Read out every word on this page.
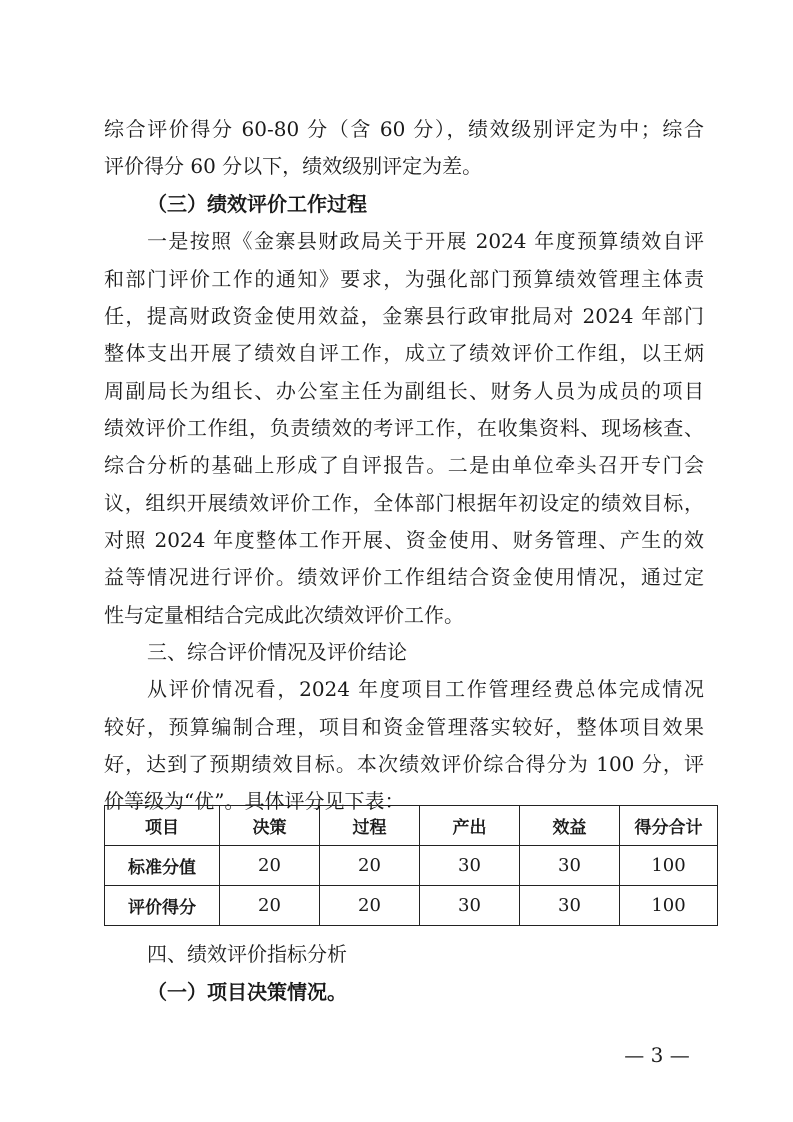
综合评价得分 60-80 分（含 60 分），绩效级别评定为中；综合
评价得分 60 分以下，绩效级别评定为差。
（三）绩效评价工作过程
一是按照《金寨县财政局关于开展 2024 年度预算绩效自评
和部门评价工作的通知》要求，为强化部门预算绩效管理主体责
任，提高财政资金使用效益，金寨县行政审批局对 2024 年部门
整体支出开展了绩效自评工作，成立了绩效评价工作组，以王炳
周副局长为组长、办公室主任为副组长、财务人员为成员的项目
绩效评价工作组，负责绩效的考评工作，在收集资料、现场核查、
综合分析的基础上形成了自评报告。二是由单位牵头召开专门会
议，组织开展绩效评价工作，全体部门根据年初设定的绩效目标，
对照 2024 年度整体工作开展、资金使用、财务管理、产生的效
益等情况进行评价。绩效评价工作组结合资金使用情况，通过定
性与定量相结合完成此次绩效评价工作。
三、综合评价情况及评价结论
从评价情况看，2024 年度项目工作管理经费总体完成情况
较好，预算编制合理，项目和资金管理落实较好，整体项目效果
好，达到了预期绩效目标。本次绩效评价综合得分为 100 分，评
价等级为“优”。具体评分见下表：
项目	决策	过程	产出	效益	得分合计
标准分值	20	20	30	30	100
评价得分	20	20	30	30	100
四、绩效评价指标分析
（一）项目决策情况。
— 3 —
